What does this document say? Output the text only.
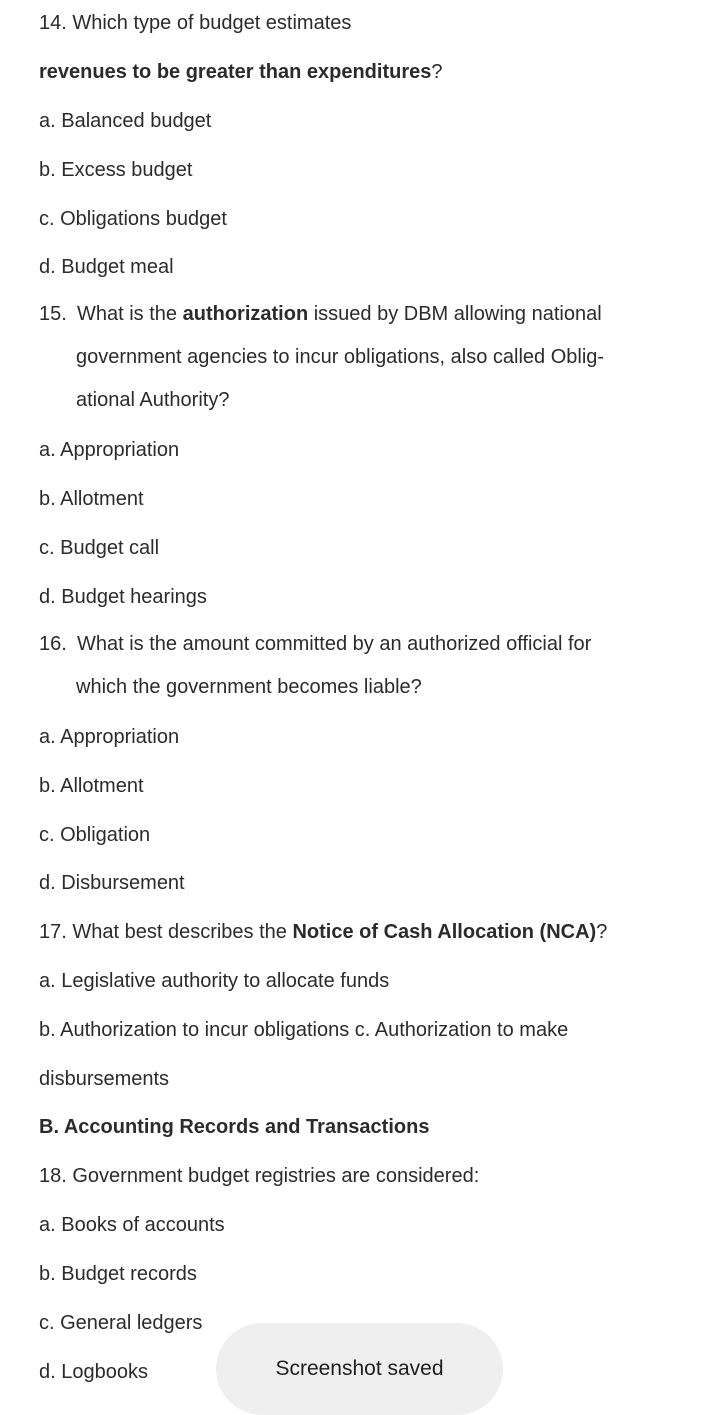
14. Which type of budget estimates
revenues to be greater than expenditures?
a. Balanced budget
b. Excess budget
c. Obligations budget
d. Budget meal
15. What is the authorization issued by DBM allowing national
government agencies to incur obligations, also called Oblig-
ational Authority?
a. Appropriation
b. Allotment
c. Budget call
d. Budget hearings
16. What is the amount committed by an authorized official for
which the government becomes liable?
a. Appropriation
b. Allotment
c. Obligation
d. Disbursement
17. What best describes the Notice of Cash Allocation (NCA)?
a. Legislative authority to allocate funds
b. Authorization to incur obligations c. Authorization to make
disbursements
B. Accounting Records and Transactions
18. Government budget registries are considered:
a. Books of accounts
b. Budget records
c. General ledgers
d. Logbooks	Screenshot saved
